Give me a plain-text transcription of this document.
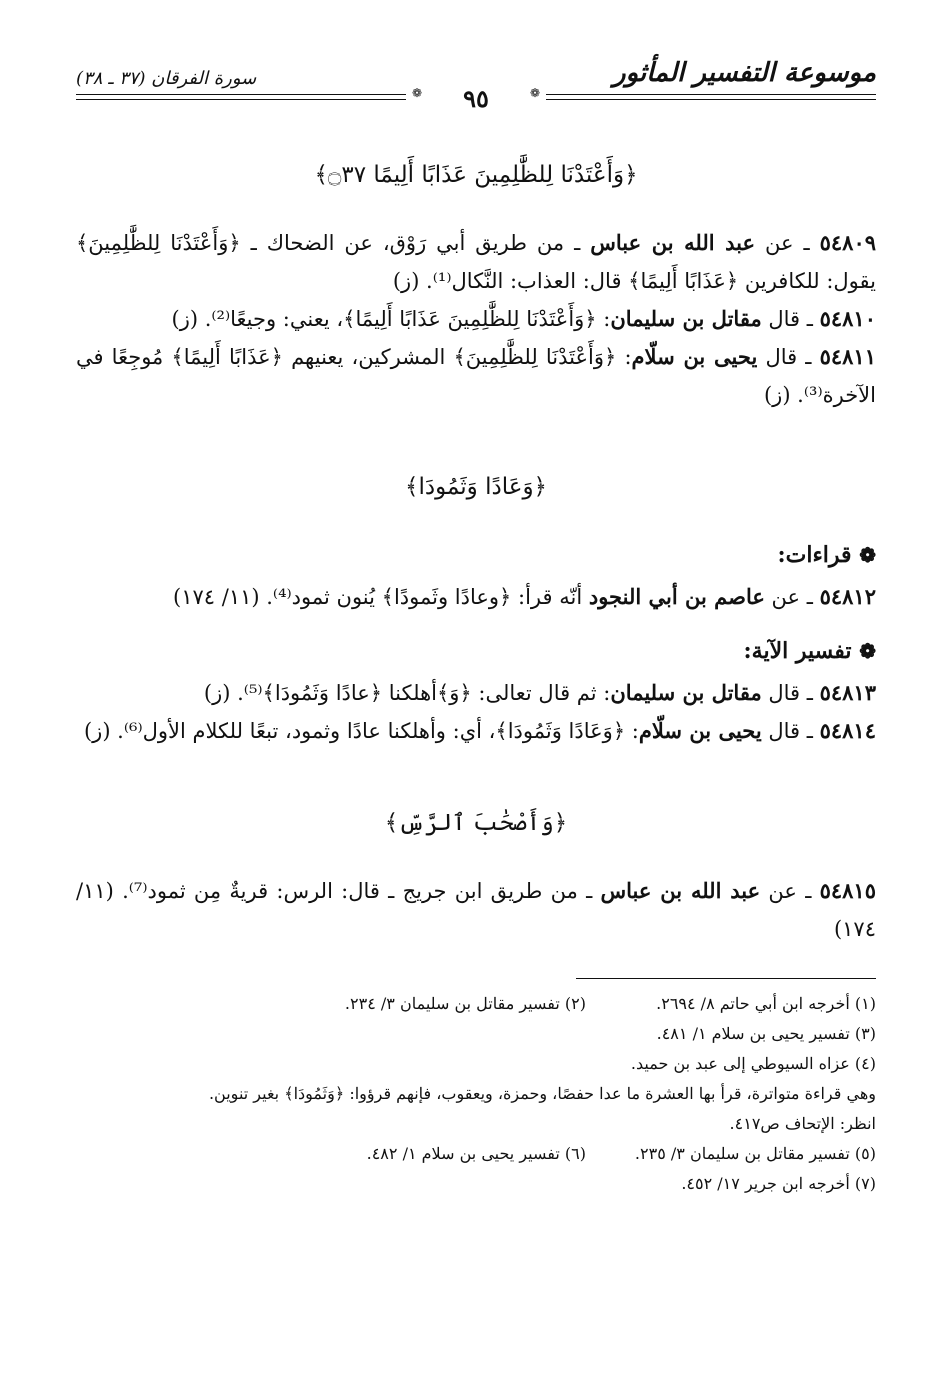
موسوعة التفسير المأثور
سورة الفرقان (٣٧ ـ ٣٨)
❁
❁	٩٥
﴿وَأَعْتَدْنَا لِلظَّٰلِمِينَ عَذَابًا أَلِيمًا ۝٣٧﴾

٥٤٨٠٩ ـ عن عبد الله بن عباس ـ من طريق أبي رَوْق، عن الضحاك ـ ﴿وَأَعْتَدْنَا لِلظَّٰلِمِينَ﴾ يقول: للكافرين ﴿عَذَابًا أَلِيمًا﴾ قال: العذاب: النَّكال⁽¹⁾. (ز)

٥٤٨١٠ ـ قال مقاتل بن سليمان: ﴿وَأَعْتَدْنَا لِلظَّٰلِمِينَ عَذَابًا أَلِيمًا﴾، يعني: وجيعًا⁽²⁾. (ز)

٥٤٨١١ ـ قال يحيى بن سلّام: ﴿وَأَعْتَدْنَا لِلظَّٰلِمِينَ﴾ المشركين، يعنيهم ﴿عَذَابًا أَلِيمًا﴾ مُوجِعًا في الآخرة⁽³⁾. (ز)

﴿وَعَادًا وَثَمُودَا﴾
❁ قراءات:

٥٤٨١٢ ـ عن عاصم بن أبي النجود أنّه قرأ: ﴿وعادًا وثَمودًا﴾ يُنون ثمود⁽⁴⁾. (١١/ ١٧٤)

❁ تفسير الآية:

٥٤٨١٣ ـ قال مقاتل بن سليمان: ثم قال تعالى: ﴿وَ﴾أهلكنا ﴿عادًا وَثَمُودَا﴾⁽⁵⁾. (ز)

٥٤٨١٤ ـ قال يحيى بن سلّام: ﴿وَعَادًا وَثَمُودَا﴾، أي: وأهلكنا عادًا وثمود، تبعًا للكلام الأول⁽⁶⁾. (ز)

﴿وَأَصْحَٰبَ ٱلرَّسِّ﴾

٥٤٨١٥ ـ عن عبد الله بن عباس ـ من طريق ابن جريج ـ قال: الرس: قريةٌ مِن ثمود⁽⁷⁾. (١١/ ١٧٤)

(١) أخرجه ابن أبي حاتم ٨/ ٢٦٩٤.
(٢) تفسير مقاتل بن سليمان ٣/ ٢٣٤.
(٣) تفسير يحيى بن سلام ١/ ٤٨١.
(٤) عزاه السيوطي إلى عبد بن حميد.
وهي قراءة متواترة، قرأ بها العشرة ما عدا حفصًا، وحمزة، ويعقوب، فإنهم قرؤوا: ﴿وَثَمُودَا﴾ بغير تنوين.
انظر: الإتحاف ص٤١٧.
(٥) تفسير مقاتل بن سليمان ٣/ ٢٣٥.
(٦) تفسير يحيى بن سلام ١/ ٤٨٢.
(٧) أخرجه ابن جرير ١٧/ ٤٥٢.
